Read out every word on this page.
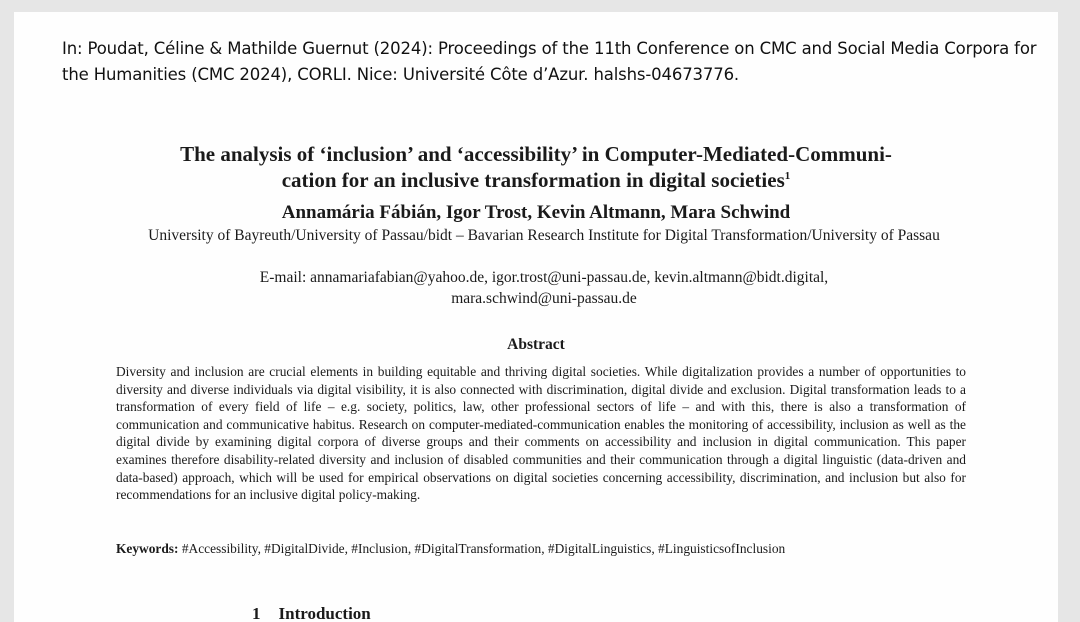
In: Poudat, Céline & Mathilde Guernut (2024): Proceedings of the 11th Conference on CMC and Social Media Corpora for the Humanities (CMC 2024), CORLI. Nice: Université Côte d’Azur. halshs-04673776.
The analysis of ‘inclusion’ and ‘accessibility’ in Computer-Mediated-Communi-
cation for an inclusive transformation in digital societies$^1$
Annamária Fábián, Igor Trost, Kevin Altmann, Mara Schwind
University of Bayreuth/University of Passau/bidt – Bavarian Research Institute for Digital Transformation/University of Passau
E-mail: annamariafabian@yahoo.de, igor.trost@uni-passau.de, kevin.altmann@bidt.digital,
mara.schwind@uni-passau.de
Abstract
Diversity and inclusion are crucial elements in building equitable and thriving digital societies. While digitalization provides a number of opportunities to diversity and diverse individuals via digital visibility, it is also connected with discrimination, digital divide and exclusion. Digital transformation leads to a transformation of every field of life – e.g. society, politics, law, other professional sectors of life – and with this, there is also a transformation of communication and communicative habitus. Research on computer-mediated-communication enables the monitoring of accessibility, inclusion as well as the digital divide by examining digital corpora of diverse groups and their comments on accessibility and inclusion in digital communication. This paper examines therefore disability-related diversity and inclusion of disabled communities and their communication through a digital linguistic (data-driven and data-based) approach, which will be used for empirical observations on digital societies concerning accessibility, discrimination, and inclusion but also for recommendations for an inclusive digital policy-making.
Keywords: #Accessibility, #DigitalDivide, #Inclusion, #DigitalTransformation, #DigitalLinguistics, #LinguisticsofInclusion
1 Introduction
